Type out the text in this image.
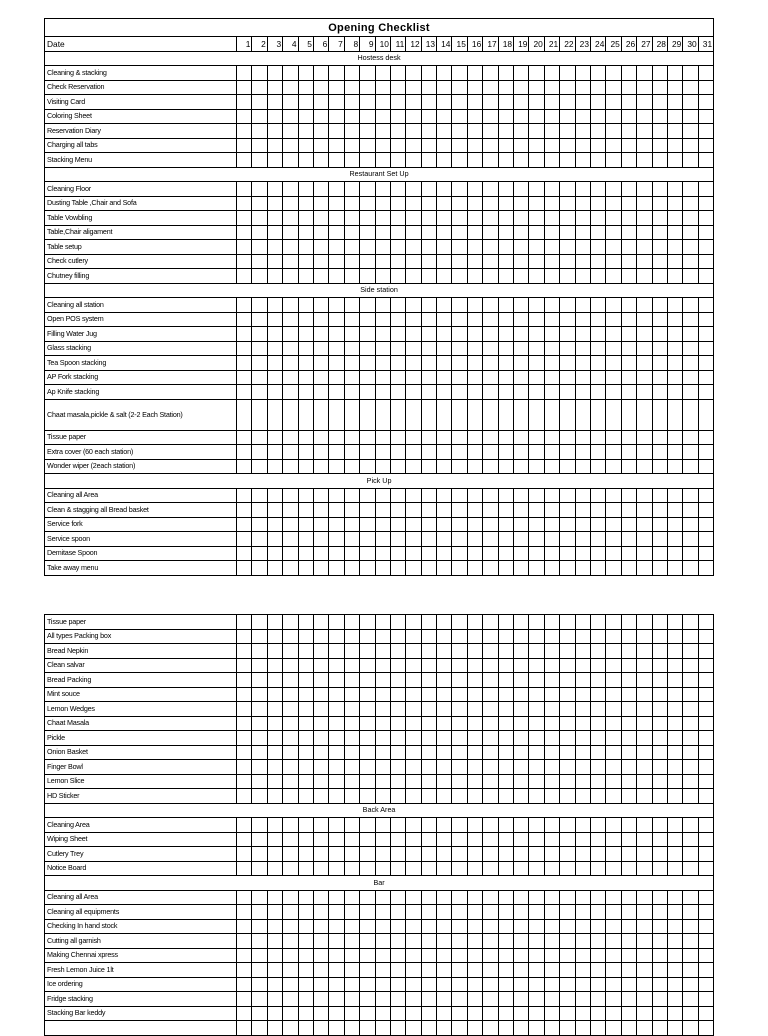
Opening Checklist																															
Date	1	2	3	4	5	6	7	8	9	10	11	12	13	14	15	16	17	18	19	20	21	22	23	24	25	26	27	28	29	30	31
Hostess desk																															
Cleaning & stacking																															
Check Reservation																															
Visiting Card																															
Coloring Sheet																															
Reservation Diary																															
Charging all tabs																															
Stacking Menu																															
Restaurant Set Up																															
Cleaning Floor																															
Dusting Table ,Chair and Sofa																															
Table Vowbling																															
Table,Chair aligament																															
Table setup																															
Check cutlery																															
Chutney filling																															
Side station																															
Cleaning all station																															
Open POS system																															
Filling Water Jug																															
Glass stacking																															
Tea Spoon stacking																															
AP Fork stacking																															
Ap Knife stacking																															
Chaat masala,pickle & salt (2-2 Each Station)																															
Tissue paper																															
Extra cover (60 each station)																															
Wonder wiper (2each station)																															
Pick Up																															
Cleaning all Area																															
Clean & stagging all Bread basket																															
Service fork																															
Service spoon																															
Demitase Spoon																															
Take away menu																															
Tissue paper																															
All types Packing box																															
Bread Nepkin																															
Clean salvar																															
Bread Packing																															
Mint souce																															
Lemon Wedges																															
Chaat Masala																															
Pickle																															
Onion Basket																															
Finger Bowl																															
Lemon Slice																															
HD Sticker																															
Back Area																															
Cleaning Area																															
Wiping Sheet																															
Cutlery Trey																															
Notice Board																															
Bar																															
Cleaning all Area																															
Cleaning all equipments																															
Checking In hand stock																															
Cutting all garnish																															
Making Chennai xpress																															
Fresh Lemon Juice 1lt																															
Ice ordering																															
Fridge stacking																															
Stacking Bar keddy																															
